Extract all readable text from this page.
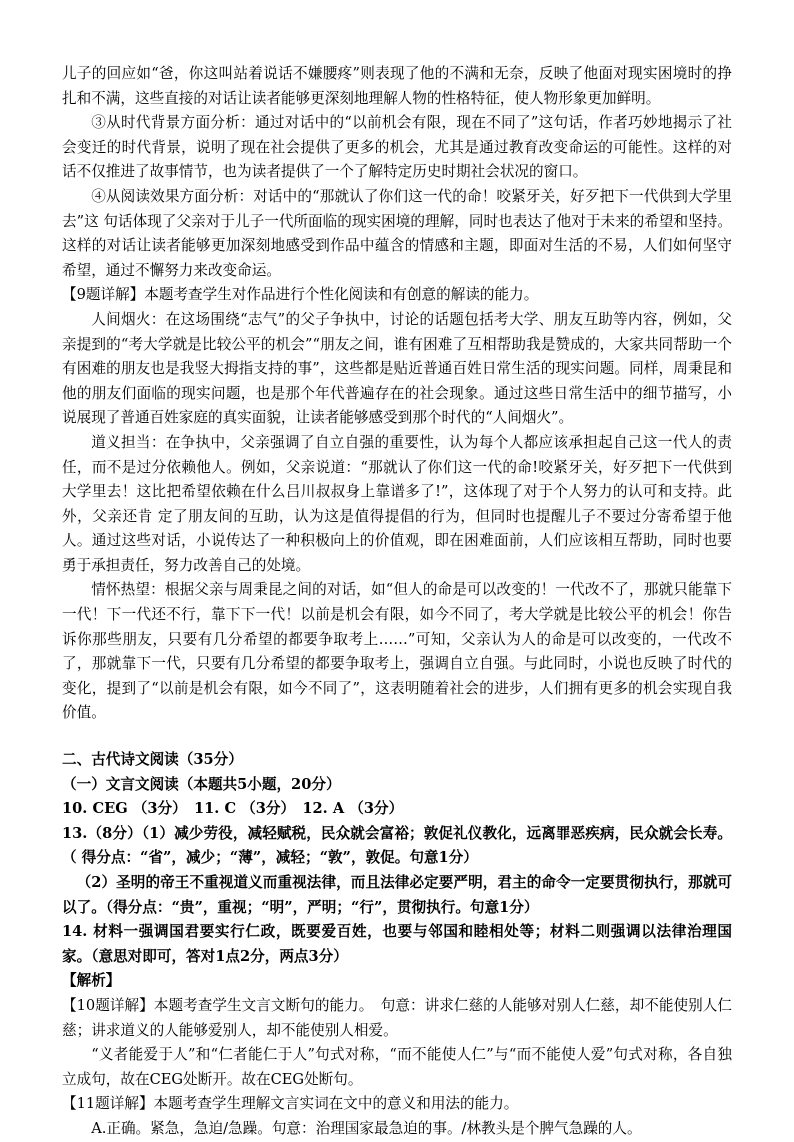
儿子的回应如“爸，你这叫站着说话不嫌腰疼”则表现了他的不满和无奈，反映了他面对现实困境时的挣扎和不满，这些直接的对话让读者能够更深刻地理解人物的性格特征，使人物形象更加鲜明。

③从时代背景方面分析：通过对话中的“以前机会有限，现在不同了”这句话，作者巧妙地揭示了社会变迁的时代背景，说明了现在社会提供了更多的机会，尤其是通过教育改变命运的可能性。这样的对话不仅推进了故事情节，也为读者提供了一个了解特定历史时期社会状况的窗口。

④从阅读效果方面分析：对话中的“那就认了你们这一代的命！咬紧牙关，好歹把下一代供到大学里去”这 句话体现了父亲对于儿子一代所面临的现实困境的理解，同时也表达了他对于未来的希望和坚持。这样的对话让读者能够更加深刻地感受到作品中蕴含的情感和主题，即面对生活的不易，人们如何坚守希望，通过不懈努力来改变命运。

【9题详解】本题考查学生对作品进行个性化阅读和有创意的解读的能力。

人间烟火：在这场围绕“志气”的父子争执中，讨论的话题包括考大学、朋友互助等内容，例如，父亲提到的“考大学就是比较公平的机会”“朋友之间，谁有困难了互相帮助我是赞成的，大家共同帮助一个有困难的朋友也是我竖大拇指支持的事”，这些都是贴近普通百姓日常生活的现实问题。同样，周秉昆和他的朋友们面临的现实问题，也是那个年代普遍存在的社会现象。通过这些日常生活中的细节描写，小说展现了普通百姓家庭的真实面貌，让读者能够感受到那个时代的“人间烟火”。

道义担当：在争执中，父亲强调了自立自强的重要性，认为每个人都应该承担起自己这一代人的责任，而不是过分依赖他人。例如，父亲说道：“那就认了你们这一代的命!咬紧牙关，好歹把下一代供到大学里去！这比把希望依赖在什么吕川叔叔身上靠谱多了!”，这体现了对于个人努力的认可和支持。此外，父亲还肯 定了朋友间的互助，认为这是值得提倡的行为，但同时也提醒儿子不要过分寄希望于他人。通过这些对话，小说传达了一种积极向上的价值观，即在困难面前，人们应该相互帮助，同时也要勇于承担责任，努力改善自己的处境。

情怀热望：根据父亲与周秉昆之间的对话，如“但人的命是可以改变的！一代改不了，那就只能靠下一代！下一代还不行，靠下下一代！以前是机会有限，如今不同了，考大学就是比较公平的机会！你告诉你那些朋友，只要有几分希望的都要争取考上……”可知，父亲认为人的命是可以改变的，一代改不了，那就靠下一代，只要有几分希望的都要争取考上，强调自立自强。与此同时，小说也反映了时代的变化，提到了“以前是机会有限，如今不同了”，这表明随着社会的进步，人们拥有更多的机会实现自我价值。

二、古代诗文阅读（35分）

（一）文言文阅读（本题共5小题，20分）

10. CEG （3分）　11. C （3分）　12. A （3分）

13.（8分）（1）减少劳役，减轻赋税，民众就会富裕；敦促礼仪教化，远离罪恶疾病，民众就会长寿。（ 得分点：“省”，减少；“薄”，减轻；“敦”，敦促。句意1分）

（2）圣明的帝王不重视道义而重视法律，而且法律必定要严明，君主的命令一定要贯彻执行，那就可以了。（得分点：“贵”，重视；“明”，严明；“行”，贯彻执行。句意1分）

14. 材料一强调国君要实行仁政，既要爱百姓，也要与邻国和睦相处等；材料二则强调以法律治理国家。（意思对即可，答对1点2分，两点3分）

【解析】

【10题详解】本题考查学生文言文断句的能力。　句意：讲求仁慈的人能够对别人仁慈，却不能使别人仁慈；讲求道义的人能够爱别人，却不能使别人相爱。

“义者能爱于人”和“仁者能仁于人”句式对称，“而不能使人仁”与“而不能使人爱”句式对称，各自独立成句，故在CEG处断开。故在CEG处断句。

【11题详解】本题考查学生理解文言实词在文中的意义和用法的能力。

A.正确。紧急，急迫/急躁。句意：治理国家最急迫的事。/林教头是个脾气急躁的人。
